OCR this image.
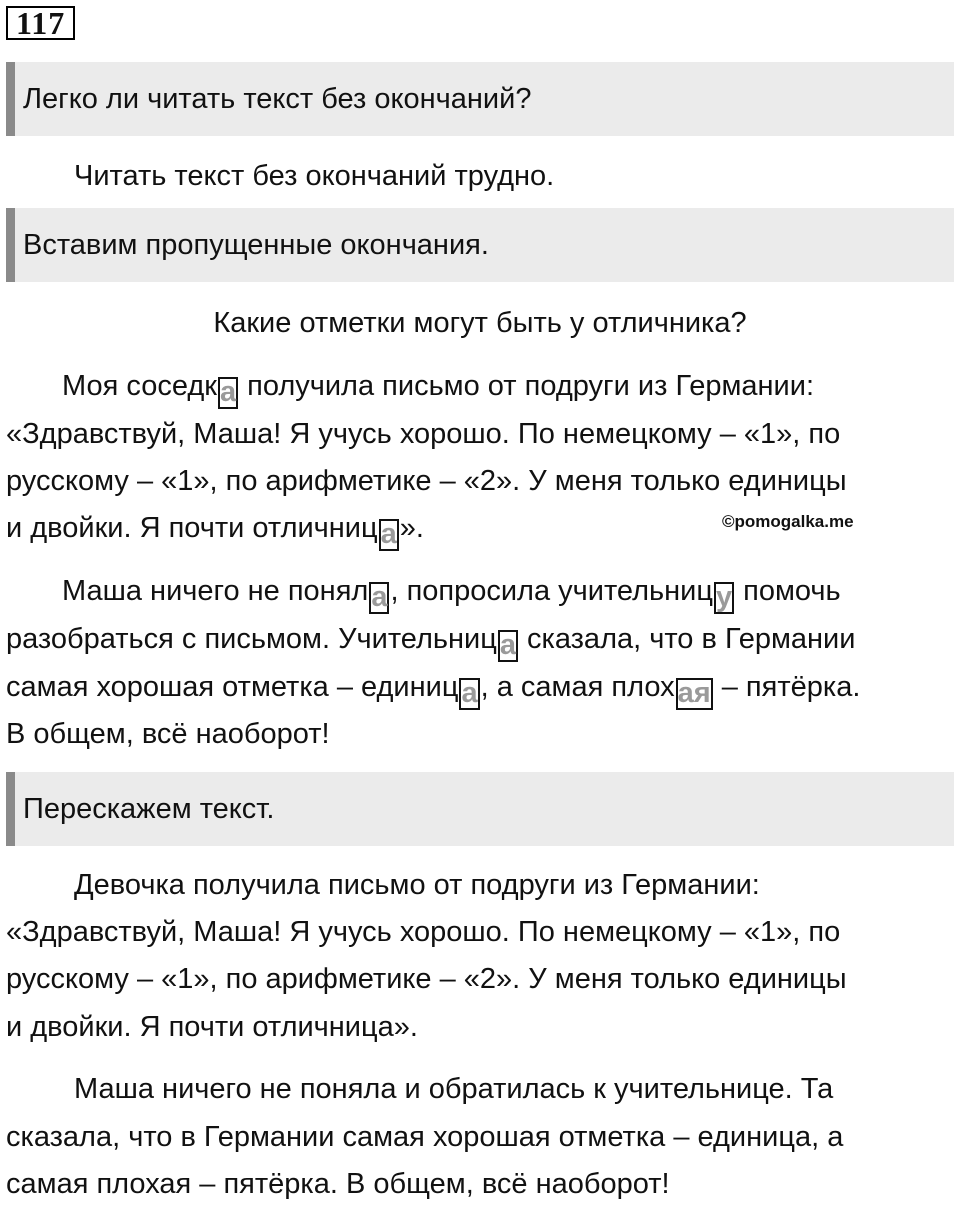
117
Легко ли читать текст без окончаний?
Читать текст без окончаний трудно.
Вставим пропущенные окончания.
Какие отметки могут быть у отличника?
Моя соседк а получила письмо от подруги из Германии:
«Здравствуй, Маша! Я учусь хорошо. По немецкому – «1», по
русскому – «1», по арифметике – «2». У меня только единицы
и двойки. Я почти отличниц а ».	©pomogalka.me
Маша ничего не понял а , попросила учительниц у помочь
разобраться с письмом. Учительниц а сказала, что в Германии
самая хорошая отметка – единиц а , а самая плох ая – пятёрка.
В общем, всё наоборот!
Перескажем текст.
Девочка получила письмо от подруги из Германии:
«Здравствуй, Маша! Я учусь хорошо. По немецкому – «1», по
русскому – «1», по арифметике – «2». У меня только единицы
и двойки. Я почти отличница».
Маша ничего не поняла и обратилась к учительнице. Та
сказала, что в Германии самая хорошая отметка – единица, а
самая плохая – пятёрка. В общем, всё наоборот!
